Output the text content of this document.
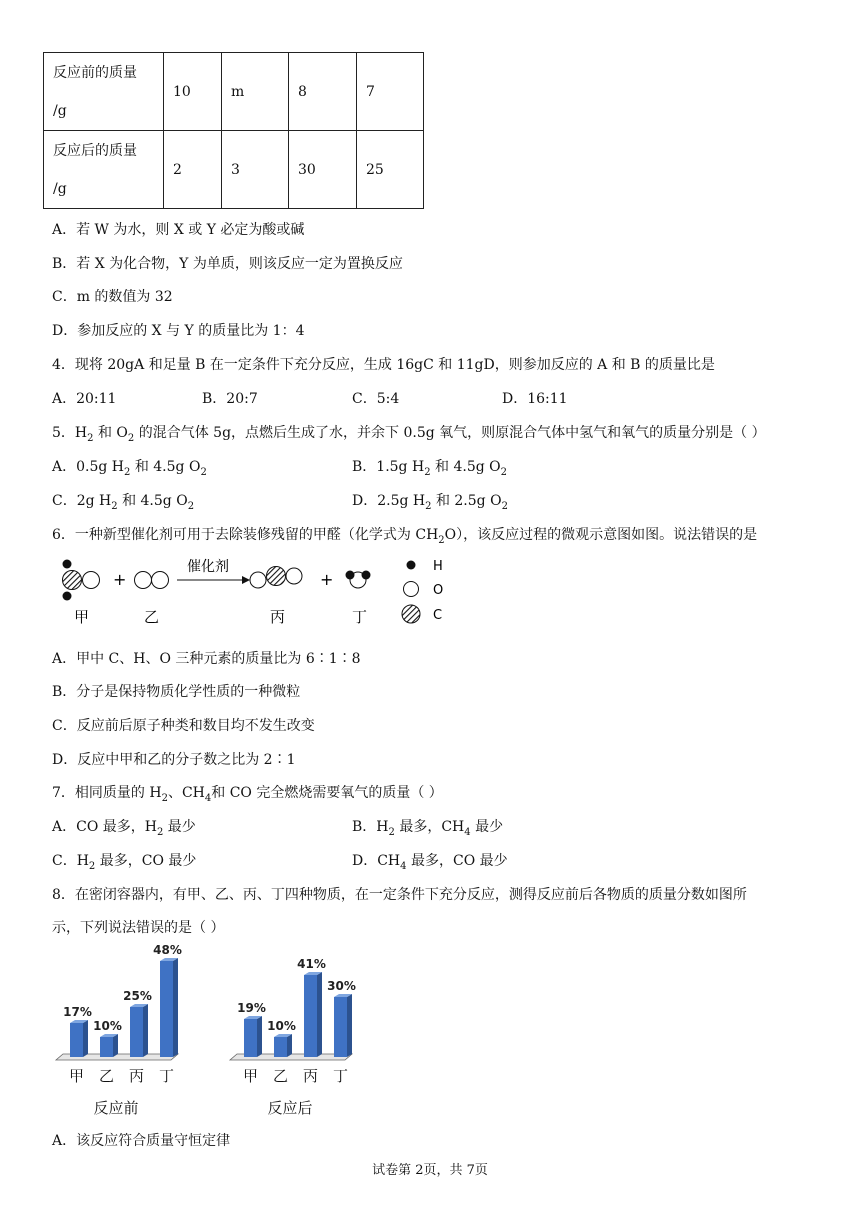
反应前的质量
/g	10	m	8	7

反应后的质量
/g	2	3	30	25
A．若 W 为水，则 X 或 Y 必定为酸或碱
B．若 X 为化合物，Y 为单质，则该反应一定为置换反应
C．m 的数值为 32
D．参加反应的 X 与 Y 的质量比为 1：4
4．现将 20gA 和足量 B 在一定条件下充分反应，生成 16gC 和 11gD，则参加反应的 A 和 B 的质量比是
A．20:11	B．20:7	C．5:4	D．16:11
5．$H_2$ 和 $O_2$ 的混合气体 5g，点燃后生成了水，并余下 0.5g 氧气，则原混合气体中氢气和氧气的质量分别是（ ）
A．0.5g $H_2$ 和 4.5g $O_2$	B．1.5g $H_2$ 和 4.5g $O_2$
C．2g $H_2$ 和 4.5g $O_2$	D．2.5g $H_2$ 和 2.5g $O_2$
6．一种新型催化剂可用于去除装修残留的甲醛（化学式为 $CH_2O$），该反应过程的微观示意图如图。说法错误的是
+
催化剂
+
H
O
C
甲	乙	丙	丁
A．甲中 C、H、O 三种元素的质量比为 6∶1∶8
B．分子是保持物质化学性质的一种微粒
C．反应前后原子种类和数目均不发生改变
D．反应中甲和乙的分子数之比为 2∶1
7．相同质量的 $H_2$、$CH_4$和 CO 完全燃烧需要氧气的质量（ ）
A．CO 最多，$H_2$ 最少	B．$H_2$ 最多，$CH_4$ 最少
C．$H_2$ 最多，CO 最少	D．$CH_4$ 最多，CO 最少
8．在密闭容器内，有甲、乙、丙、丁四种物质，在一定条件下充分反应，测得反应前后各物质的质量分数如图所
示，下列说法错误的是（ ）
17%
甲
10%
乙
25%
丙
48%
丁
反应前
19%
甲
10%
乙
41%
丙
30%
丁
反应后
A．该反应符合质量守恒定律
试卷第 2页，共 7页
